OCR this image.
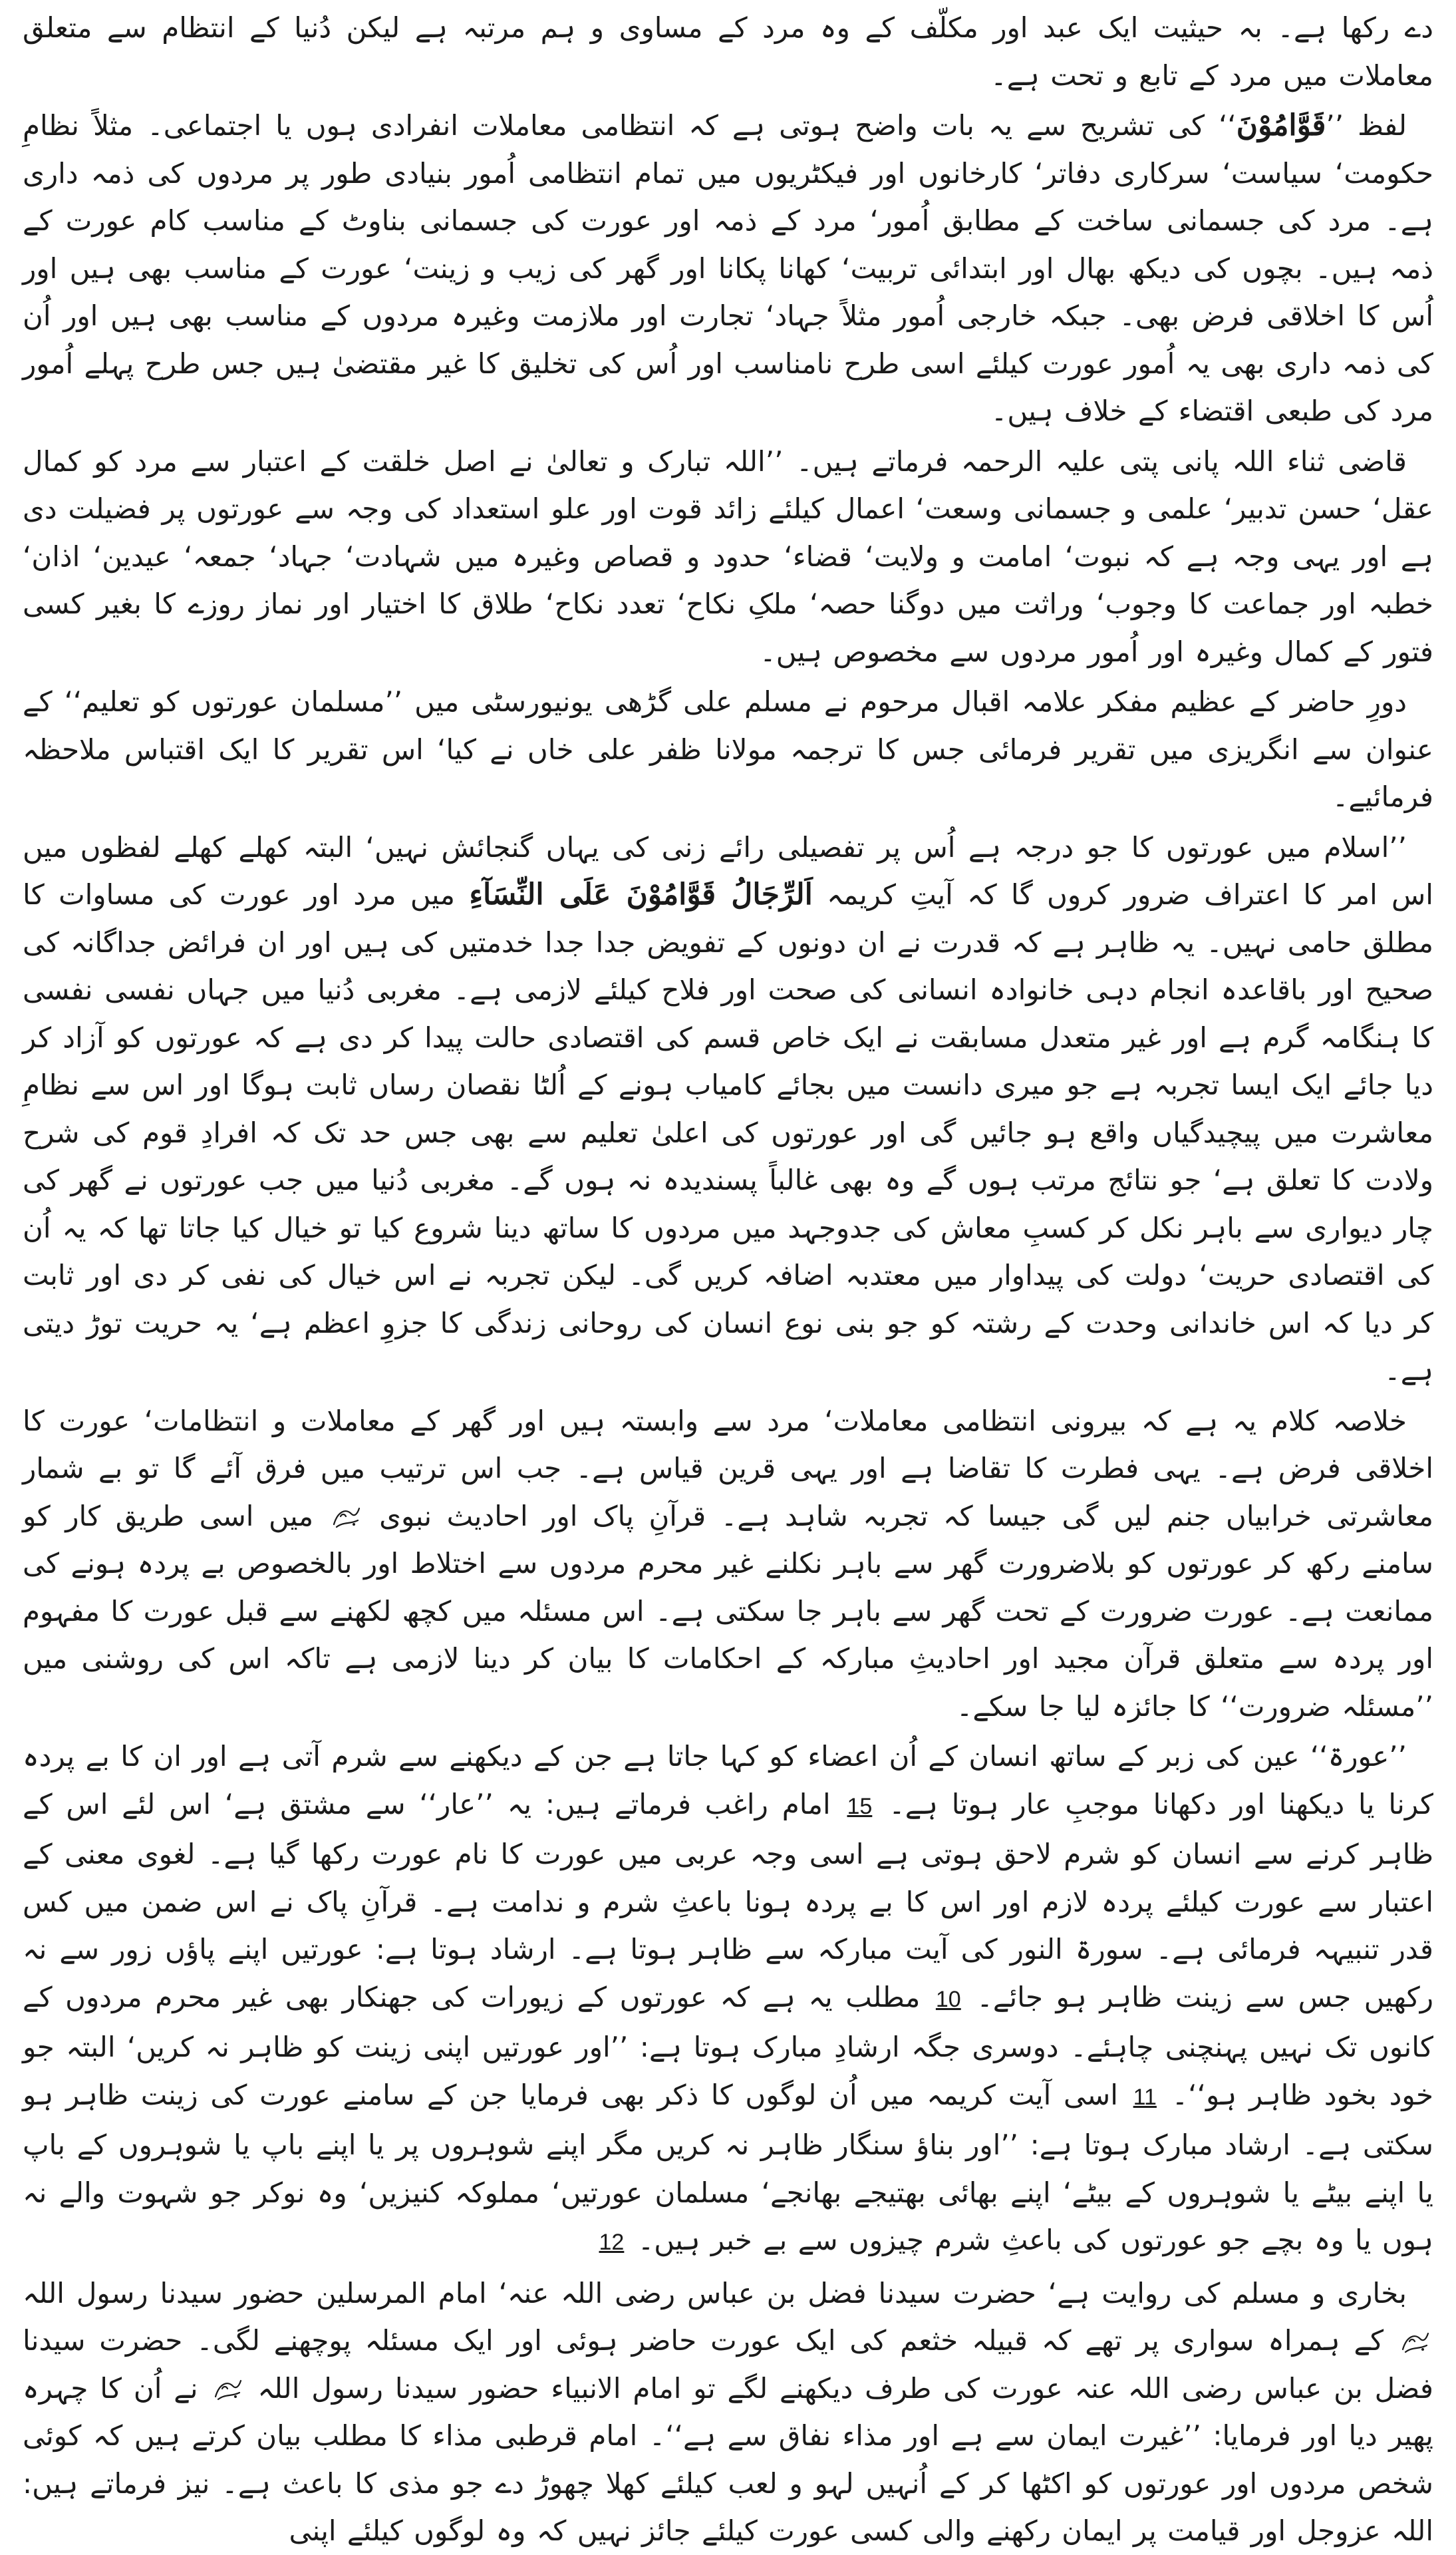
دے رکھا ہے۔ بہ حیثیت ایک عبد اور مکلّف کے وہ مرد کے مساوی و ہم مرتبہ ہے لیکن دُنیا کے انتظام سے متعلق معاملات میں مرد کے تابع و تحت ہے۔

لفظ ’’قَوَّامُوْنَ‘‘ کی تشریح سے یہ بات واضح ہوتی ہے کہ انتظامی معاملات انفرادی ہوں یا اجتماعی۔ مثلاً نظامِ حکومت‘ سیاست‘ سرکاری دفاتر‘ کارخانوں اور فیکٹریوں میں تمام انتظامی اُمور بنیادی طور پر مردوں کی ذمہ داری ہے۔ مرد کی جسمانی ساخت کے مطابق اُمور‘ مرد کے ذمہ اور عورت کی جسمانی بناوٹ کے مناسب کام عورت کے ذمہ ہیں۔ بچوں کی دیکھ بھال اور ابتدائی تربیت‘ کھانا پکانا اور گھر کی زیب و زینت‘ عورت کے مناسب بھی ہیں اور اُس کا اخلاقی فرض بھی۔ جبکہ خارجی اُمور مثلاً جہاد‘ تجارت اور ملازمت وغیرہ مردوں کے مناسب بھی ہیں اور اُن کی ذمہ داری بھی یہ اُمور عورت کیلئے اسی طرح نامناسب اور اُس کی تخلیق کا غیر مقتضیٰ ہیں جس طرح پہلے اُمور مرد کی طبعی اقتضاء کے خلاف ہیں۔

قاضی ثناء اللہ پانی پتی علیہ الرحمہ فرماتے ہیں۔ ’’اللہ تبارک و تعالیٰ نے اصل خلقت کے اعتبار سے مرد کو کمال عقل‘ حسن تدبیر‘ علمی و جسمانی وسعت‘ اعمال کیلئے زائد قوت اور علو استعداد کی وجہ سے عورتوں پر فضیلت دی ہے اور یہی وجہ ہے کہ نبوت‘ امامت و ولایت‘ قضاء‘ حدود و قصاص وغیرہ میں شہادت‘ جہاد‘ جمعہ‘ عیدین‘ اذان‘ خطبہ اور جماعت کا وجوب‘ وراثت میں دوگنا حصہ‘ ملکِ نکاح‘ تعدد نکاح‘ طلاق کا اختیار اور نماز روزے کا بغیر کسی فتور کے کمال وغیرہ اور اُمور مردوں سے مخصوص ہیں۔

دورِ حاضر کے عظیم مفکر علامہ اقبال مرحوم نے مسلم علی گڑھی یونیورسٹی میں ’’مسلمان عورتوں کو تعلیم‘‘ کے عنوان سے انگریزی میں تقریر فرمائی جس کا ترجمہ مولانا ظفر علی خاں نے کیا‘ اس تقریر کا ایک اقتباس ملاحظہ فرمائیے۔

’’اسلام میں عورتوں کا جو درجہ ہے اُس پر تفصیلی رائے زنی کی یہاں گنجائش نہیں‘ البتہ کھلے کھلے لفظوں میں اس امر کا اعتراف ضرور کروں گا کہ آیتِ کریمہ اَلرِّجَالُ قَوَّامُوْنَ عَلَى النِّسَآءِ میں مرد اور عورت کی مساوات کا مطلق حامی نہیں۔ یہ ظاہر ہے کہ قدرت نے ان دونوں کے تفویض جدا جدا خدمتیں کی ہیں اور ان فرائض جداگانہ کی صحیح اور باقاعدہ انجام دہی خانوادہ انسانی کی صحت اور فلاح کیلئے لازمی ہے۔ مغربی دُنیا میں جہاں نفسی نفسی کا ہنگامہ گرم ہے اور غیر متعدل مسابقت نے ایک خاص قسم کی اقتصادی حالت پیدا کر دی ہے کہ عورتوں کو آزاد کر دیا جائے ایک ایسا تجربہ ہے جو میری دانست میں بجائے کامیاب ہونے کے اُلٹا نقصان رساں ثابت ہوگا اور اس سے نظامِ معاشرت میں پیچیدگیاں واقع ہو جائیں گی اور عورتوں کی اعلیٰ تعلیم سے بھی جس حد تک کہ افرادِ قوم کی شرح ولادت کا تعلق ہے‘ جو نتائج مرتب ہوں گے وہ بھی غالباً پسندیدہ نہ ہوں گے۔ مغربی دُنیا میں جب عورتوں نے گھر کی چار دیواری سے باہر نکل کر کسبِ معاش کی جدوجہد میں مردوں کا ساتھ دینا شروع کیا تو خیال کیا جاتا تھا کہ یہ اُن کی اقتصادی حریت‘ دولت کی پیداوار میں معتدبہ اضافہ کریں گی۔ لیکن تجربہ نے اس خیال کی نفی کر دی اور ثابت کر دیا کہ اس خاندانی وحدت کے رشتہ کو جو بنی نوع انسان کی روحانی زندگی کا جزوِ اعظم ہے‘ یہ حریت توڑ دیتی ہے۔

خلاصہ کلام یہ ہے کہ بیرونی انتظامی معاملات‘ مرد سے وابستہ ہیں اور گھر کے معاملات و انتظامات‘ عورت کا اخلاقی فرض ہے۔ یہی فطرت کا تقاضا ہے اور یہی قرین قیاس ہے۔ جب اس ترتیب میں فرق آئے گا تو بے شمار معاشرتی خرابیاں جنم لیں گی جیسا کہ تجربہ شاہد ہے۔ قرآنِ پاک اور احادیث نبوی  میں اسی طریق کار کو سامنے رکھ کر عورتوں کو بلاضرورت گھر سے باہر نکلنے غیر محرم مردوں سے اختلاط اور بالخصوص بے پردہ ہونے کی ممانعت ہے۔ عورت ضرورت کے تحت گھر سے باہر جا سکتی ہے۔ اس مسئلہ میں کچھ لکھنے سے قبل عورت کا مفہوم اور پردہ سے متعلق قرآن مجید اور احادیثِ مبارکہ کے احکامات کا بیان کر دینا لازمی ہے تاکہ اس کی روشنی میں ’’مسئلہ ضرورت‘‘ کا جائزہ لیا جا سکے۔

’’عورۃ‘‘ عین کی زبر کے ساتھ انسان کے اُن اعضاء کو کہا جاتا ہے جن کے دیکھنے سے شرم آتی ہے اور ان کا بے پردہ کرنا یا دیکھنا اور دکھانا موجبِ عار ہوتا ہے۔ 15 امام راغب فرماتے ہیں: یہ ’’عار‘‘ سے مشتق ہے‘ اس لئے اس کے ظاہر کرنے سے انسان کو شرم لاحق ہوتی ہے اسی وجہ عربی میں عورت کا نام عورت رکھا گیا ہے۔ لغوی معنی کے اعتبار سے عورت کیلئے پردہ لازم اور اس کا بے پردہ ہونا باعثِ شرم و ندامت ہے۔ قرآنِ پاک نے اس ضمن میں کس قدر تنبیہہ فرمائی ہے۔ سورۃ النور کی آیت مبارکہ سے ظاہر ہوتا ہے۔ ارشاد ہوتا ہے: عورتیں اپنے پاؤں زور سے نہ رکھیں جس سے زینت ظاہر ہو جائے۔ 10 مطلب یہ ہے کہ عورتوں کے زیورات کی جھنکار بھی غیر محرم مردوں کے کانوں تک نہیں پہنچنی چاہئے۔ دوسری جگہ ارشادِ مبارک ہوتا ہے: ’’اور عورتیں اپنی زینت کو ظاہر نہ کریں‘ البتہ جو خود بخود ظاہر ہو‘‘۔ 11 اسی آیت کریمہ میں اُن لوگوں کا ذکر بھی فرمایا جن کے سامنے عورت کی زینت ظاہر ہو سکتی ہے۔ ارشاد مبارک ہوتا ہے: ’’اور بناؤ سنگار ظاہر نہ کریں مگر اپنے شوہروں پر یا اپنے باپ یا شوہروں کے باپ یا اپنے بیٹے یا شوہروں کے بیٹے‘ اپنے بھائی بھتیجے بھانجے‘ مسلمان عورتیں‘ مملوکہ کنیزیں‘ وہ نوکر جو شہوت والے نہ ہوں یا وہ بچے جو عورتوں کی باعثِ شرم چیزوں سے بے خبر ہیں۔ 12

بخاری و مسلم کی روایت ہے‘ حضرت سیدنا فضل بن عباس رضی اللہ عنہ‘ امام المرسلین حضور سیدنا رسول اللہ  کے ہمراہ سواری پر تھے کہ قبیلہ خثعم کی ایک عورت حاضر ہوئی اور ایک مسئلہ پوچھنے لگی۔ حضرت سیدنا فضل بن عباس رضی اللہ عنہ عورت کی طرف دیکھنے لگے تو امام الانبیاء حضور سیدنا رسول اللہ  نے اُن کا چہرہ پھیر دیا اور فرمایا: ’’غیرت ایمان سے ہے اور مذاء نفاق سے ہے‘‘۔ امام قرطبی مذاء کا مطلب بیان کرتے ہیں کہ کوئی شخص مردوں اور عورتوں کو اکٹھا کر کے اُنہیں لہو و لعب کیلئے کھلا چھوڑ دے جو مذی کا باعث ہے۔ نیز فرماتے ہیں: اللہ عزوجل اور قیامت پر ایمان رکھنے والی کسی عورت کیلئے جائز نہیں کہ وہ لوگوں کیلئے اپنی
